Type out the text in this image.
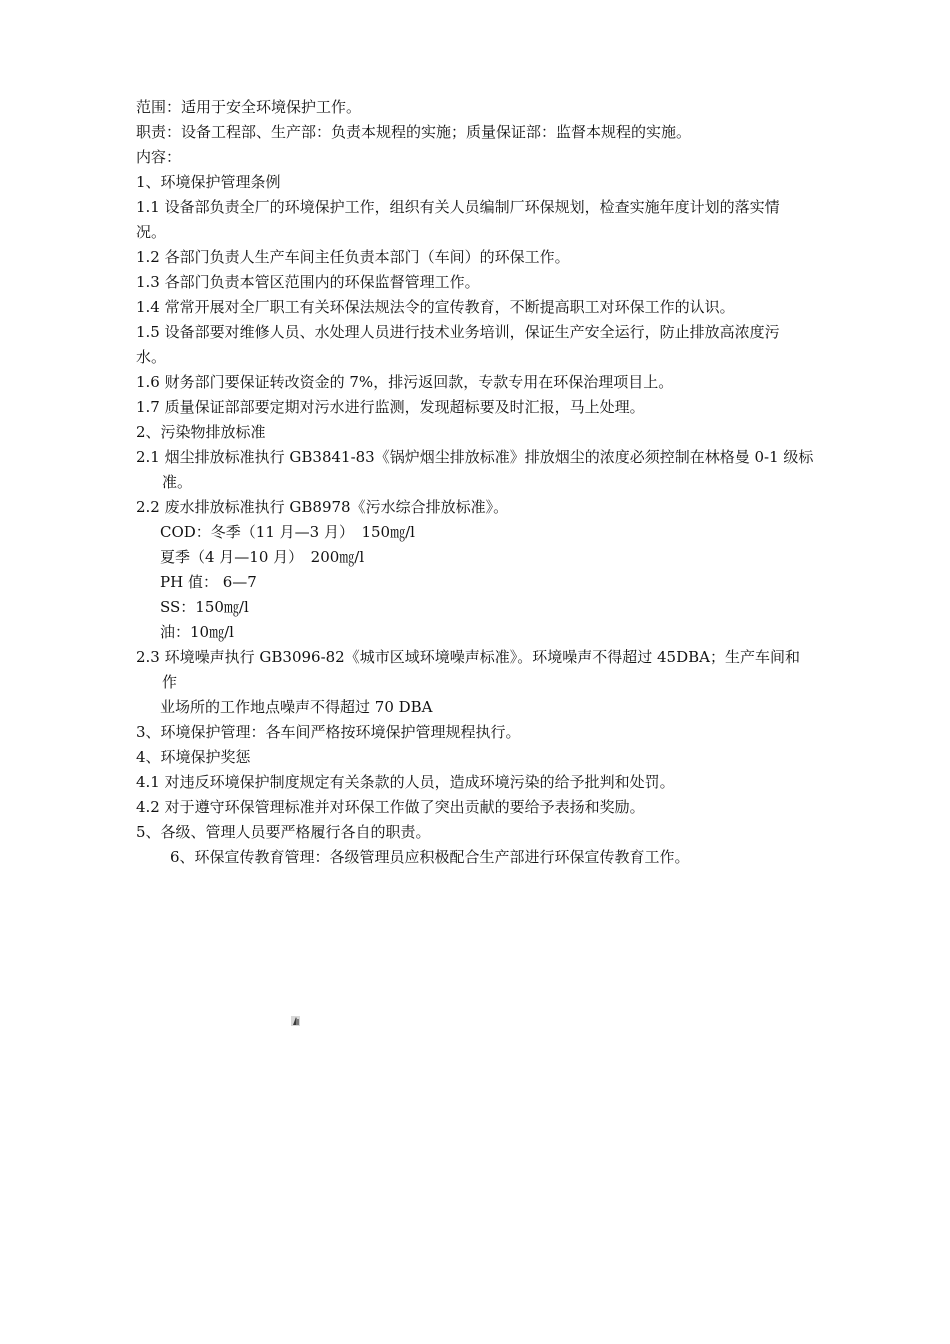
范围：适用于安全环境保护工作。
职责：设备工程部、生产部：负责本规程的实施；质量保证部：监督本规程的实施。
内容：
1、环境保护管理条例
1.1 设备部负责全厂的环境保护工作，组织有关人员编制厂环保规划，检查实施年度计划的落实情
况。
1.2 各部门负责人生产车间主任负责本部门（车间）的环保工作。
1.3 各部门负责本管区范围内的环保监督管理工作。
1.4 常常开展对全厂职工有关环保法规法令的宣传教育，不断提高职工对环保工作的认识。
1.5 设备部要对维修人员、水处理人员进行技术业务培训，保证生产安全运行，防止排放高浓度污
水。
1.6 财务部门要保证转改资金的 7%，排污返回款，专款专用在环保治理项目上。
1.7 质量保证部部要定期对污水进行监测，发现超标要及时汇报，马上处理。
2、污染物排放标准
2.1 烟尘排放标准执行 GB3841-83《锅炉烟尘排放标准》排放烟尘的浓度必须控制在林格曼 0-1 级标
准。
2.2 废水排放标准执行 GB8978《污水综合排放标准》。
COD：冬季（11 月—3 月）　150㎎/l
夏季（4 月—10 月）　200㎎/l
PH 值： 6—7
SS：150㎎/l
油：10㎎/l
2.3 环境噪声执行 GB3096-82《城市区域环境噪声标准》。环境噪声不得超过 45DBA；生产车间和
作
业场所的工作地点噪声不得超过 70 DBA
3、环境保护管理：各车间严格按环境保护管理规程执行。
4、环境保护奖惩
4.1 对违反环境保护制度规定有关条款的人员，造成环境污染的给予批判和处罚。
4.2 对于遵守环保管理标准并对环保工作做了突出贡献的要给予表扬和奖励。
5、各级、管理人员要严格履行各自的职责。
6、环保宣传教育管理：各级管理员应积极配合生产部进行环保宣传教育工作。
